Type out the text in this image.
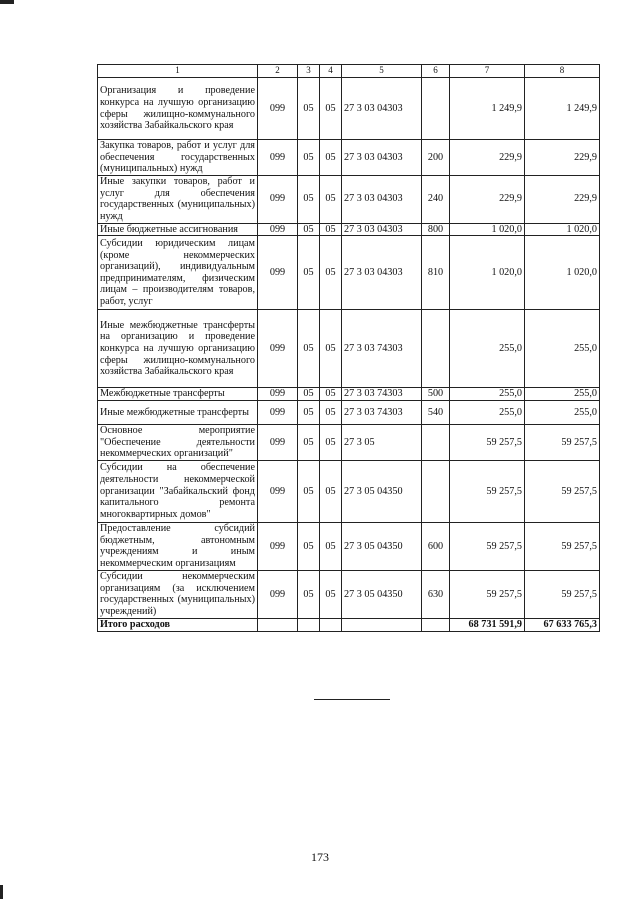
1	2	3	4	5	6	7	8
Организация и проведение конкурса на лучшую организацию сферы жилищно-коммунального хозяйства Забайкальского края	099	05	05	27 3 03 04303		1 249,9	1 249,9
Закупка товаров, работ и услуг для обеспечения государственных (муниципальных) нужд	099	05	05	27 3 03 04303	200	229,9	229,9
Иные закупки товаров, работ и услуг для обеспечения государственных (муниципальных) нужд	099	05	05	27 3 03 04303	240	229,9	229,9
Иные бюджетные ассигнования	099	05	05	27 3 03 04303	800	1 020,0	1 020,0
Субсидии юридическим лицам (кроме некоммерческих организаций), индивидуальным предпринимателям, физическим лицам – производителям товаров, работ, услуг	099	05	05	27 3 03 04303	810	1 020,0	1 020,0
Иные межбюджетные трансферты на организацию и проведение конкурса на лучшую организацию сферы жилищно-коммунального хозяйства Забайкальского края	099	05	05	27 3 03 74303		255,0	255,0
Межбюджетные трансферты	099	05	05	27 3 03 74303	500	255,0	255,0
Иные межбюджетные трансферты	099	05	05	27 3 03 74303	540	255,0	255,0
Основное мероприятие "Обеспечение деятельности некоммерческих организаций"	099	05	05	27 3 05		59 257,5	59 257,5
Субсидии на обеспечение деятельности некоммерческой организации "Забайкальский фонд капитального ремонта многоквартирных домов"	099	05	05	27 3 05 04350		59 257,5	59 257,5
Предоставление субсидий бюджетным, автономным учреждениям и иным некоммерческим организациям	099	05	05	27 3 05 04350	600	59 257,5	59 257,5
Субсидии некоммерческим организациям (за исключением государственных (муниципальных) учреждений)	099	05	05	27 3 05 04350	630	59 257,5	59 257,5
Итого расходов						68 731 591,9	67 633 765,3
173
